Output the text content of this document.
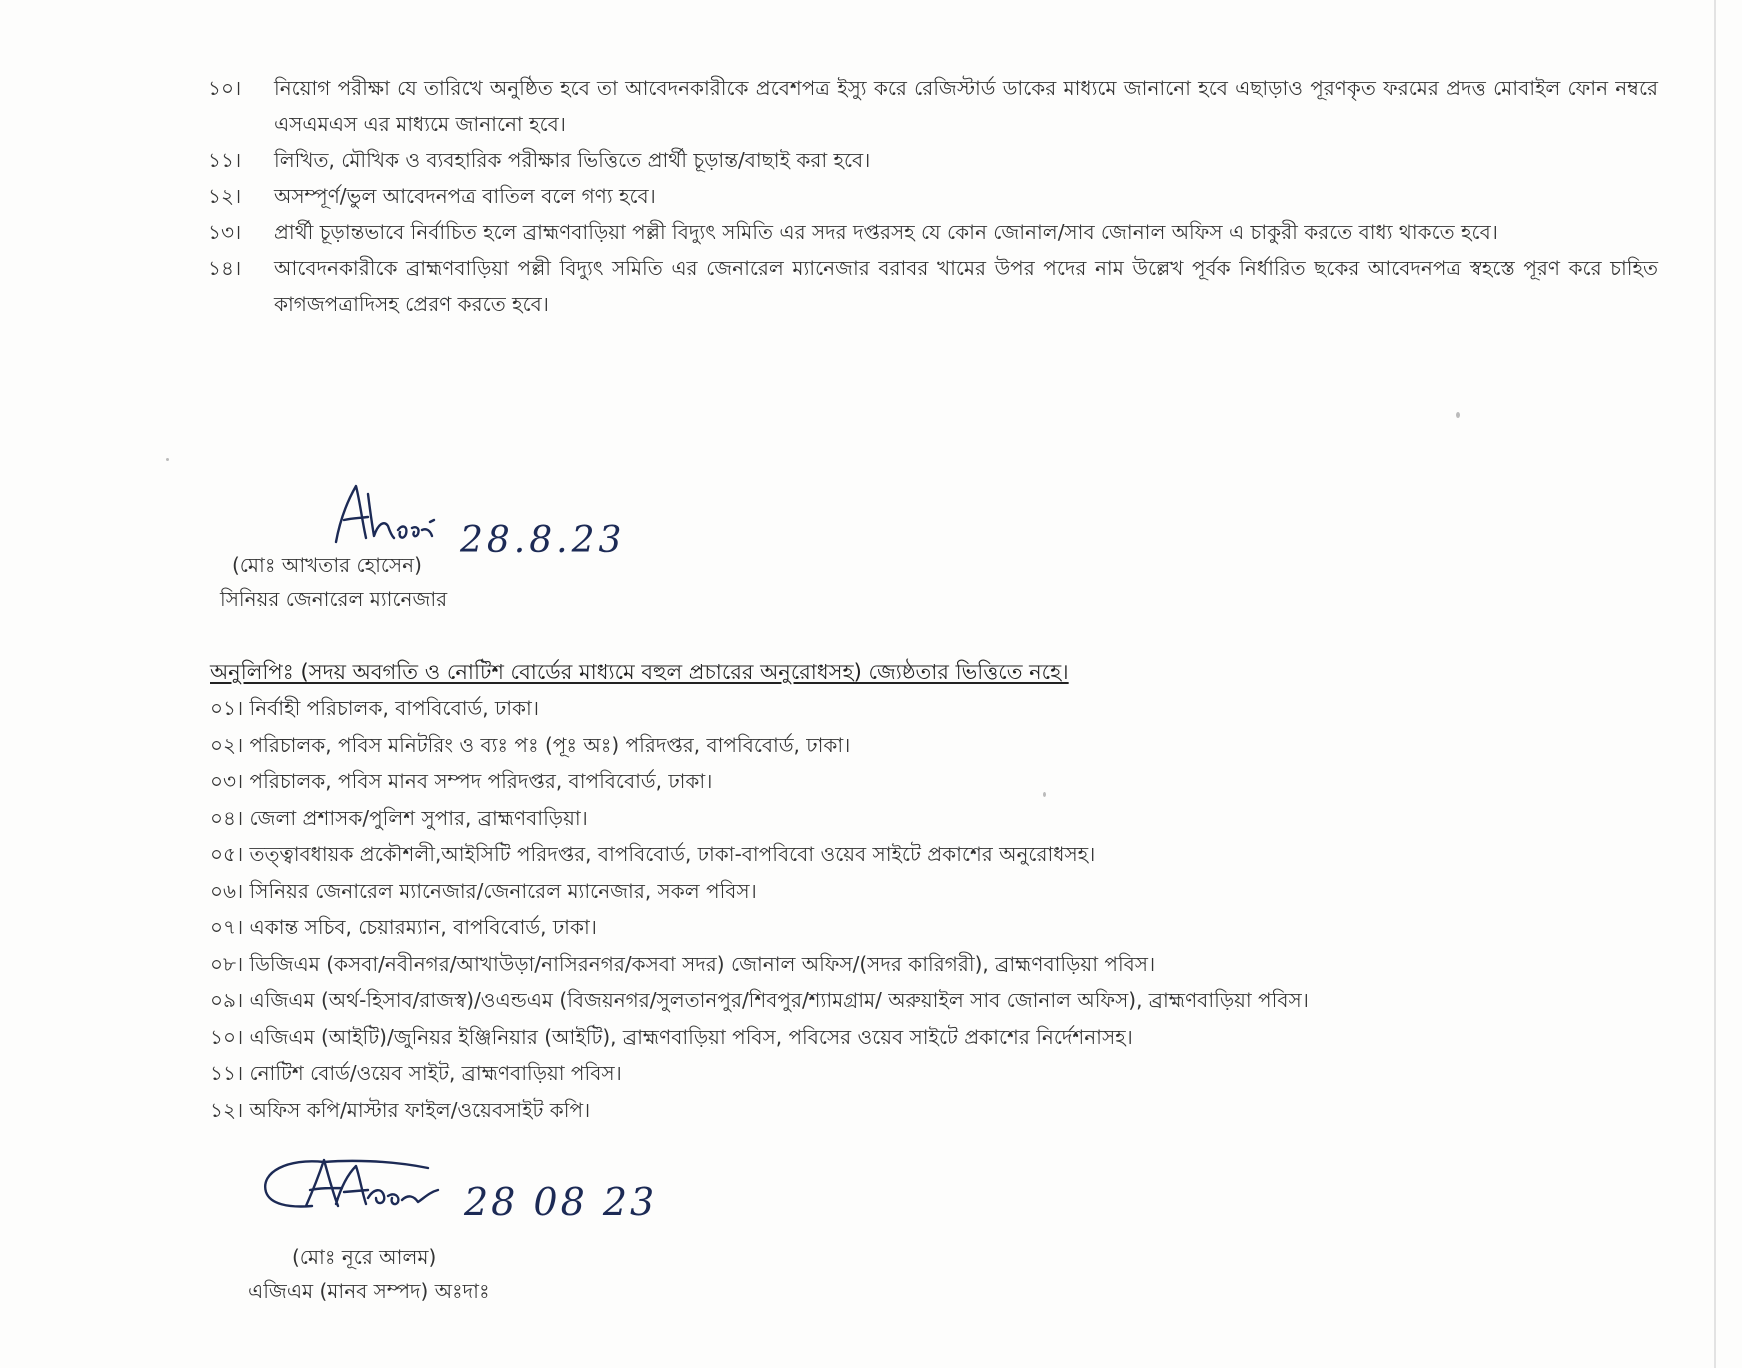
১০।	নিয়োগ পরীক্ষা যে তারিখে অনুষ্ঠিত হবে তা আবেদনকারীকে প্রবেশপত্র ইস্যু করে রেজিস্টার্ড ডাকের মাধ্যমে জানানো হবে এছাড়াও পূরণকৃত ফরমের প্রদত্ত মোবাইল ফোন নম্বরে এসএমএস এর মাধ্যমে জানানো হবে।
১১।	লিখিত, মৌখিক ও ব্যবহারিক পরীক্ষার ভিত্তিতে প্রার্থী চূড়ান্ত/বাছাই করা হবে।
১২।	অসম্পূর্ণ/ভুল আবেদনপত্র বাতিল বলে গণ্য হবে।
১৩।	প্রার্থী চূড়ান্তভাবে নির্বাচিত হলে ব্রাহ্মণবাড়িয়া পল্লী বিদ্যুৎ সমিতি এর সদর দপ্তরসহ যে কোন জোনাল/সাব জোনাল অফিস এ চাকুরী করতে বাধ্য থাকতে হবে।
১৪।	আবেদনকারীকে ব্রাহ্মণবাড়িয়া পল্লী বিদ্যুৎ সমিতি এর জেনারেল ম্যানেজার বরাবর খামের উপর পদের নাম উল্লেখ পূর্বক নির্ধারিত ছকের আবেদনপত্র স্বহস্তে পূরণ করে চাহিত কাগজপত্রাদিসহ প্রেরণ করতে হবে।
28.8.23
(মোঃ আখতার হোসেন)
সিনিয়র জেনারেল ম্যানেজার
অনুলিপিঃ (সদয় অবগতি ও নোটিশ বোর্ডের মাধ্যমে বহুল প্রচারের অনুরোধসহ) জ্যেষ্ঠতার ভিত্তিতে নহে।
০১। নির্বাহী পরিচালক, বাপবিবোর্ড, ঢাকা।
০২। পরিচালক, পবিস মনিটরিং ও ব্যঃ পঃ (পূঃ অঃ) পরিদপ্তর, বাপবিবোর্ড, ঢাকা।
০৩। পরিচালক, পবিস মানব সম্পদ পরিদপ্তর, বাপবিবোর্ড, ঢাকা।
০৪। জেলা প্রশাসক/পুলিশ সুপার, ব্রাহ্মণবাড়িয়া।
০৫। তত্ত্বাবধায়ক প্রকৌশলী,আইসিটি পরিদপ্তর, বাপবিবোর্ড, ঢাকা-বাপবিবো ওয়েব সাইটে প্রকাশের অনুরোধসহ।
০৬। সিনিয়র জেনারেল ম্যানেজার/জেনারেল ম্যানেজার, সকল পবিস।
০৭। একান্ত সচিব, চেয়ারম্যান, বাপবিবোর্ড, ঢাকা।
০৮। ডিজিএম (কসবা/নবীনগর/আখাউড়া/নাসিরনগর/কসবা সদর) জোনাল অফিস/(সদর কারিগরী), ব্রাহ্মণবাড়িয়া পবিস।
০৯। এজিএম (অর্থ-হিসাব/রাজস্ব)/ওএন্ডএম (বিজয়নগর/সুলতানপুর/শিবপুর/শ্যামগ্রাম/ অরুয়াইল সাব জোনাল অফিস), ব্রাহ্মণবাড়িয়া পবিস।
১০। এজিএম (আইটি)/জুনিয়র ইঞ্জিনিয়ার (আইটি), ব্রাহ্মণবাড়িয়া পবিস, পবিসের ওয়েব সাইটে প্রকাশের নির্দেশনাসহ।
১১। নোটিশ বোর্ড/ওয়েব সাইট, ব্রাহ্মণবাড়িয়া পবিস।
১২। অফিস কপি/মাস্টার ফাইল/ওয়েবসাইট কপি।
28 08 23
(মোঃ নূরে আলম)
এজিএম (মানব সম্পদ) অঃদাঃ
